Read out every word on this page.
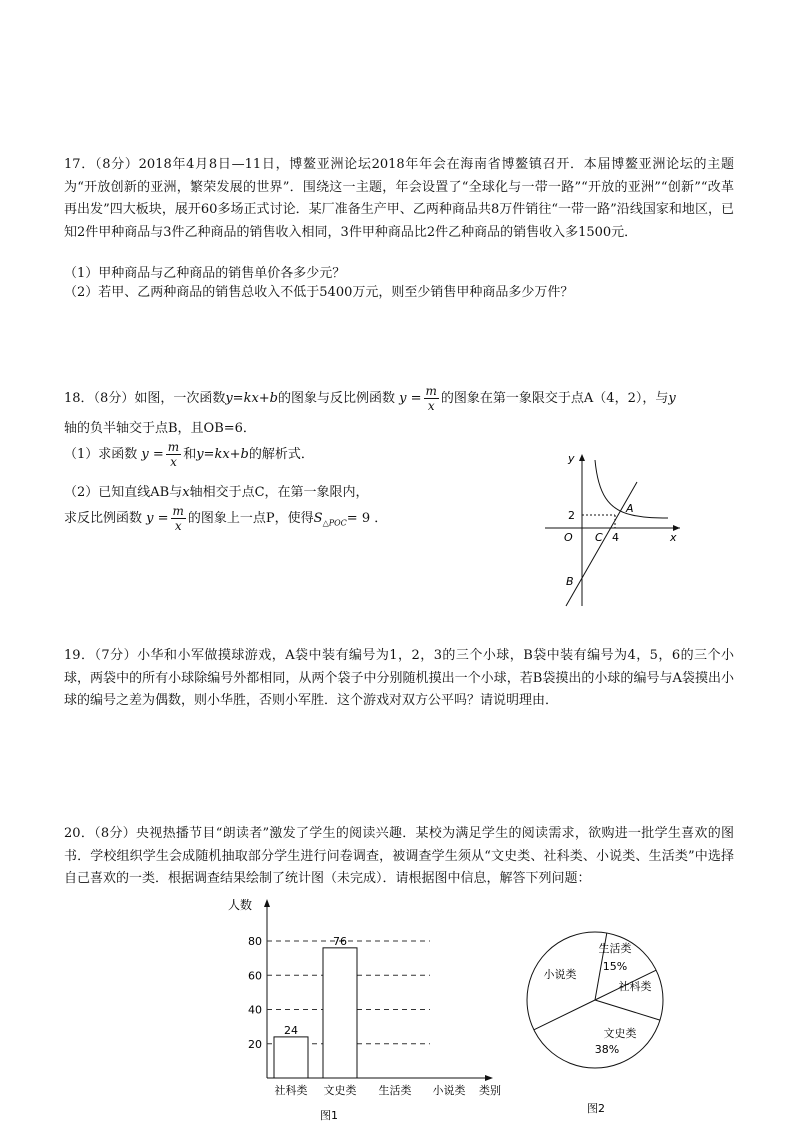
17．（8分）2018年4月8日—11日，博鳌亚洲论坛2018年年会在海南省博鳌镇召开．本届博鳌亚洲论坛的主题为“开放创新的亚洲，繁荣发展的世界”．围绕这一主题，年会设置了“全球化与一带一路”“开放的亚洲”“创新”“改革再出发”四大板块，展开60多场正式讨论．某厂准备生产甲、乙两种商品共8万件销往“一带一路”沿线国家和地区，已知2件甲种商品与3件乙种商品的销售收入相同，3件甲种商品比2件乙种商品的销售收入多1500元．

（1）甲种商品与乙种商品的销售单价各多少元？

（2）若甲、乙两种商品的销售总收入不低于5400万元，则至少销售甲种商品多少万件？

18．（8分）如图，一次函数y=kx+b的图象与反比例函数 $y = \frac{m}{x}$ 的图象在第一象限交于点A（4，2），与y

轴的负半轴交于点B，且OB=6．

（1）求函数 $y = \frac{m}{x}$ 和y=kx+b的解析式．
（2）已知直线AB与x轴相交于点C，在第一象限内，
求反比例函数 $y = \frac{m}{x}$ 的图象上一点P，使得$S_{\triangle POC}= 9$ ．
y
x
O
A
B
C
2
4

19．（7分）小华和小军做摸球游戏，A袋中装有编号为1，2，3的三个小球，B袋中装有编号为4，5，6的三个小球，两袋中的所有小球除编号外都相同，从两个袋子中分别随机摸出一个小球，若B袋摸出的小球的编号与A袋摸出小球的编号之差为偶数，则小华胜，否则小军胜．这个游戏对双方公平吗？请说明理由．

20．（8分）央视热播节目“朗读者”激发了学生的阅读兴趣．某校为满足学生的阅读需求，欲购进一批学生喜欢的图书．学校组织学生会成随机抽取部分学生进行问卷调查，被调查学生须从“文史类、社科类、小说类、生活类”中选择自己喜欢的一类．根据调查结果绘制了统计图（未完成）．请根据图中信息，解答下列问题：

人数
20
40
60
80
社科类
24
文史类
76
生活类 小说类 类别
图1
生活类
15%
社科类
文史类
38%
小说类
图2
